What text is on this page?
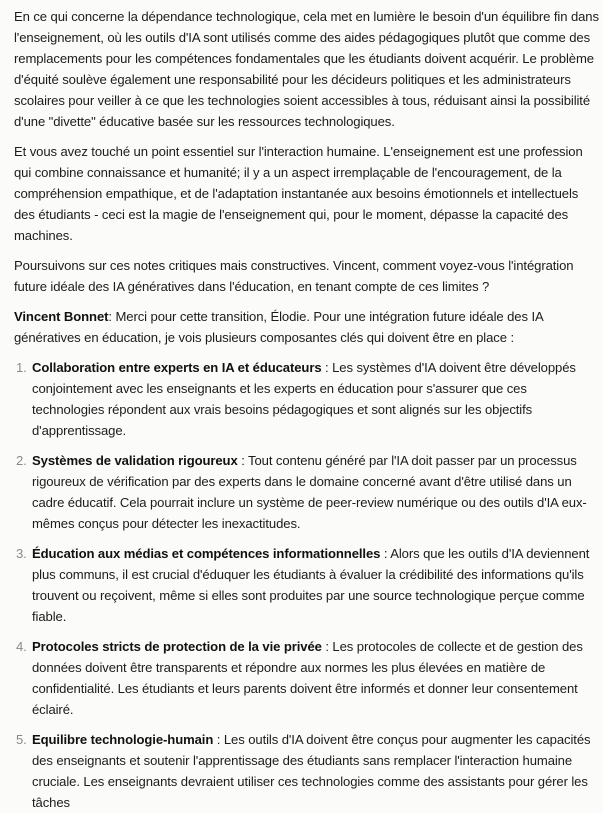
En ce qui concerne la dépendance technologique, cela met en lumière le besoin d'un équilibre fin dans l'enseignement, où les outils d'IA sont utilisés comme des aides pédagogiques plutôt que comme des remplacements pour les compétences fondamentales que les étudiants doivent acquérir. Le problème d'équité soulève également une responsabilité pour les décideurs politiques et les administrateurs scolaires pour veiller à ce que les technologies soient accessibles à tous, réduisant ainsi la possibilité d'une "divette" éducative basée sur les ressources technologiques.

Et vous avez touché un point essentiel sur l'interaction humaine. L'enseignement est une profession qui combine connaissance et humanité; il y a un aspect irremplaçable de l'encouragement, de la compréhension empathique, et de l'adaptation instantanée aux besoins émotionnels et intellectuels des étudiants - ceci est la magie de l'enseignement qui, pour le moment, dépasse la capacité des machines.

Poursuivons sur ces notes critiques mais constructives. Vincent, comment voyez-vous l'intégration future idéale des IA génératives dans l'éducation, en tenant compte de ces limites ?

Vincent Bonnet: Merci pour cette transition, Élodie. Pour une intégration future idéale des IA génératives en éducation, je vois plusieurs composantes clés qui doivent être en place :

1. Collaboration entre experts en IA et éducateurs : Les systèmes d'IA doivent être développés conjointement avec les enseignants et les experts en éducation pour s'assurer que ces technologies répondent aux vrais besoins pédagogiques et sont alignés sur les objectifs d'apprentissage.
2. Systèmes de validation rigoureux : Tout contenu généré par l'IA doit passer par un processus rigoureux de vérification par des experts dans le domaine concerné avant d'être utilisé dans un cadre éducatif. Cela pourrait inclure un système de peer-review numérique ou des outils d'IA eux-mêmes conçus pour détecter les inexactitudes.
3. Éducation aux médias et compétences informationnelles : Alors que les outils d'IA deviennent plus communs, il est crucial d'éduquer les étudiants à évaluer la crédibilité des informations qu'ils trouvent ou reçoivent, même si elles sont produites par une source technologique perçue comme fiable.
4. Protocoles stricts de protection de la vie privée : Les protocoles de collecte et de gestion des données doivent être transparents et répondre aux normes les plus élevées en matière de confidentialité. Les étudiants et leurs parents doivent être informés et donner leur consentement éclairé.
5. Equilibre technologie-humain : Les outils d'IA doivent être conçus pour augmenter les capacités des enseignants et soutenir l'apprentissage des étudiants sans remplacer l'interaction humaine cruciale. Les enseignants devraient utiliser ces technologies comme des assistants pour gérer les tâches
